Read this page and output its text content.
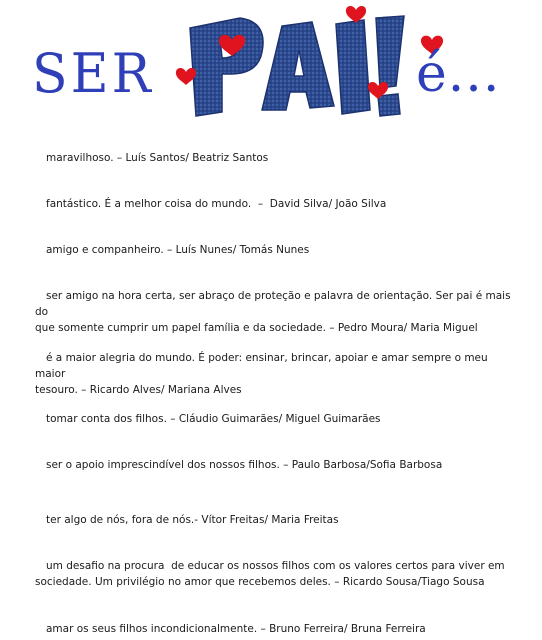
SER	é...
maravilhoso. – Luís Santos/ Beatriz Santos
fantástico. É a melhor coisa do mundo.  –  David Silva/ João Silva
amigo e companheiro. – Luís Nunes/ Tomás Nunes
ser amigo na hora certa, ser abraço de proteção e palavra de orientação. Ser pai é mais do
que somente cumprir um papel família e da sociedade. – Pedro Moura/ Maria Miguel
é a maior alegria do mundo. É poder: ensinar, brincar, apoiar e amar sempre o meu maior
tesouro. – Ricardo Alves/ Mariana Alves
tomar conta dos filhos. – Cláudio Guimarães/ Miguel Guimarães
ser o apoio imprescindível dos nossos filhos. – Paulo Barbosa/Sofia Barbosa
ter algo de nós, fora de nós.- Vítor Freitas/ Maria Freitas
um desafio na procura  de educar os nossos filhos com os valores certos para viver em
sociedade. Um privilégio no amor que recebemos deles. – Ricardo Sousa/Tiago Sousa
amar os seus filhos incondicionalmente. – Bruno Ferreira/ Bruna Ferreira
